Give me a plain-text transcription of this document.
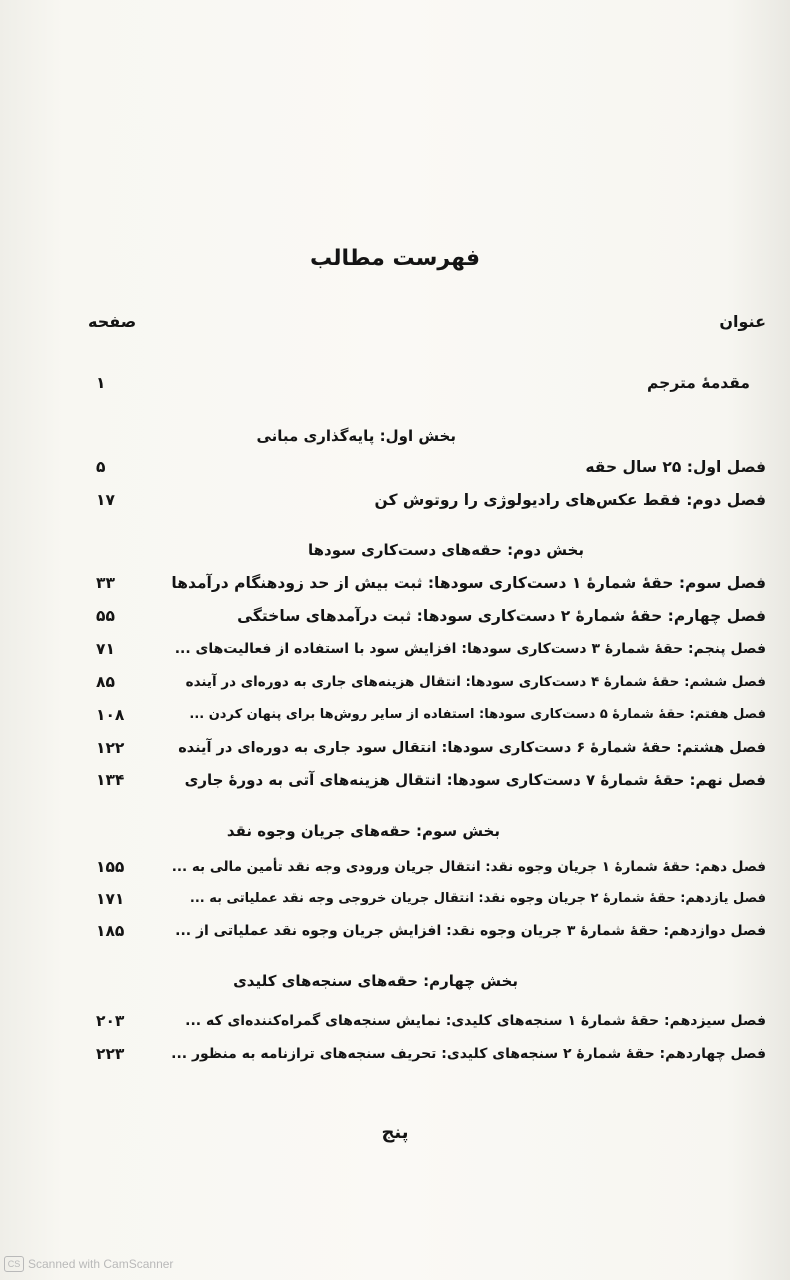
فهرست مطالب
عنوان
صفحه
مقدمهٔ مترجم
۱
بخش اول: پایه‌گذاری مبانی
فصل اول: ۲۵ سال حقه
۵
فصل دوم: فقط عکس‌های رادیولوژی را روتوش کن
۱۷
بخش دوم: حقه‌های دست‌کاری سودها
فصل سوم: حقهٔ شمارهٔ ۱ دست‌کاری سودها: ثبت بیش از حد زودهنگام درآمدها
۳۳
فصل چهارم: حقهٔ شمارهٔ ۲ دست‌کاری سودها: ثبت درآمدهای ساختگی
۵۵
فصل پنجم: حقهٔ شمارهٔ ۳ دست‌کاری سودها: افزایش سود با استفاده از فعالیت‌های ...
۷۱
فصل ششم: حقهٔ شمارهٔ ۴ دست‌کاری سودها: انتقال هزینه‌های جاری به دوره‌ای در آینده
۸۵
فصل هفتم: حقهٔ شمارهٔ ۵ دست‌کاری سودها: استفاده از سایر روش‌ها برای پنهان کردن ...
۱۰۸
فصل هشتم: حقهٔ شمارهٔ ۶ دست‌کاری سودها: انتقال سود جاری به دوره‌ای در آینده
۱۲۲
فصل نهم: حقهٔ شمارهٔ ۷ دست‌کاری سودها: انتقال هزینه‌های آتی به دورهٔ جاری
۱۳۴
بخش سوم: حقه‌های جریان وجوه نقد
فصل دهم: حقهٔ شمارهٔ ۱ جریان وجوه نقد: انتقال جریان ورودی وجه نقد تأمین مالی به ...
۱۵۵
فصل یازدهم: حقهٔ شمارهٔ ۲ جریان وجوه نقد: انتقال جریان خروجی وجه نقد عملیاتی به ...
۱۷۱
فصل دوازدهم: حقهٔ شمارهٔ ۳ جریان وجوه نقد: افزایش جریان وجوه نقد عملیاتی از ...
۱۸۵
بخش چهارم: حقه‌های سنجه‌های کلیدی
فصل سیزدهم: حقهٔ شمارهٔ ۱ سنجه‌های کلیدی: نمایش سنجه‌های گمراه‌کننده‌ای که ...
۲۰۳
فصل چهاردهم: حقهٔ شمارهٔ ۲ سنجه‌های کلیدی: تحریف سنجه‌های ترازنامه به منظور ...
۲۲۳
پنج
CS Scanned with CamScanner
